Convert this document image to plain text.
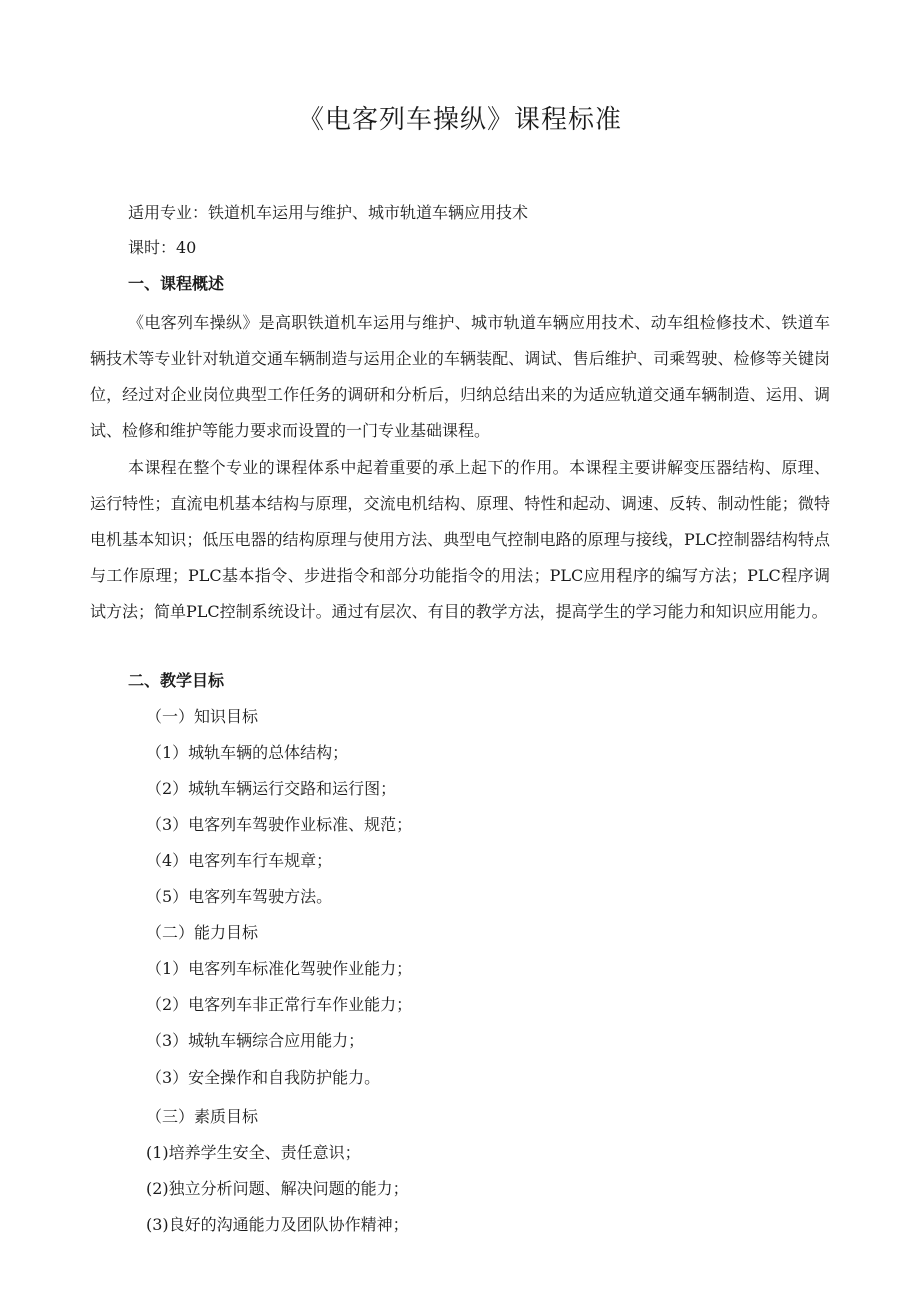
《电客列车操纵》课程标准
适用专业：铁道机车运用与维护、城市轨道车辆应用技术
课时：40
一、课程概述
《电客列车操纵》是高职铁道机车运用与维护、城市轨道车辆应用技术、动车组检修技术、铁道车辆技术等专业针对轨道交通车辆制造与运用企业的车辆装配、调试、售后维护、司乘驾驶、检修等关键岗位，经过对企业岗位典型工作任务的调研和分析后，归纳总结出来的为适应轨道交通车辆制造、运用、调试、检修和维护等能力要求而设置的一门专业基础课程。
本课程在整个专业的课程体系中起着重要的承上起下的作用。本课程主要讲解变压器结构、原理、运行特性；直流电机基本结构与原理，交流电机结构、原理、特性和起动、调速、反转、制动性能；微特电机基本知识；低压电器的结构原理与使用方法、典型电气控制电路的原理与接线，PLC控制器结构特点与工作原理；PLC基本指令、步进指令和部分功能指令的用法；PLC应用程序的编写方法；PLC程序调试方法；简单PLC控制系统设计。通过有层次、有目的教学方法，提高学生的学习能力和知识应用能力。
二、教学目标
（一）知识目标
（1）城轨车辆的总体结构；
（2）城轨车辆运行交路和运行图；
（3）电客列车驾驶作业标准、规范；
（4）电客列车行车规章；
（5）电客列车驾驶方法。
（二）能力目标
（1）电客列车标准化驾驶作业能力；
（2）电客列车非正常行车作业能力；
（3）城轨车辆综合应用能力；
（3）安全操作和自我防护能力。
（三）素质目标
(1)培养学生安全、责任意识；
(2)独立分析问题、解决问题的能力；
(3)良好的沟通能力及团队协作精神；
